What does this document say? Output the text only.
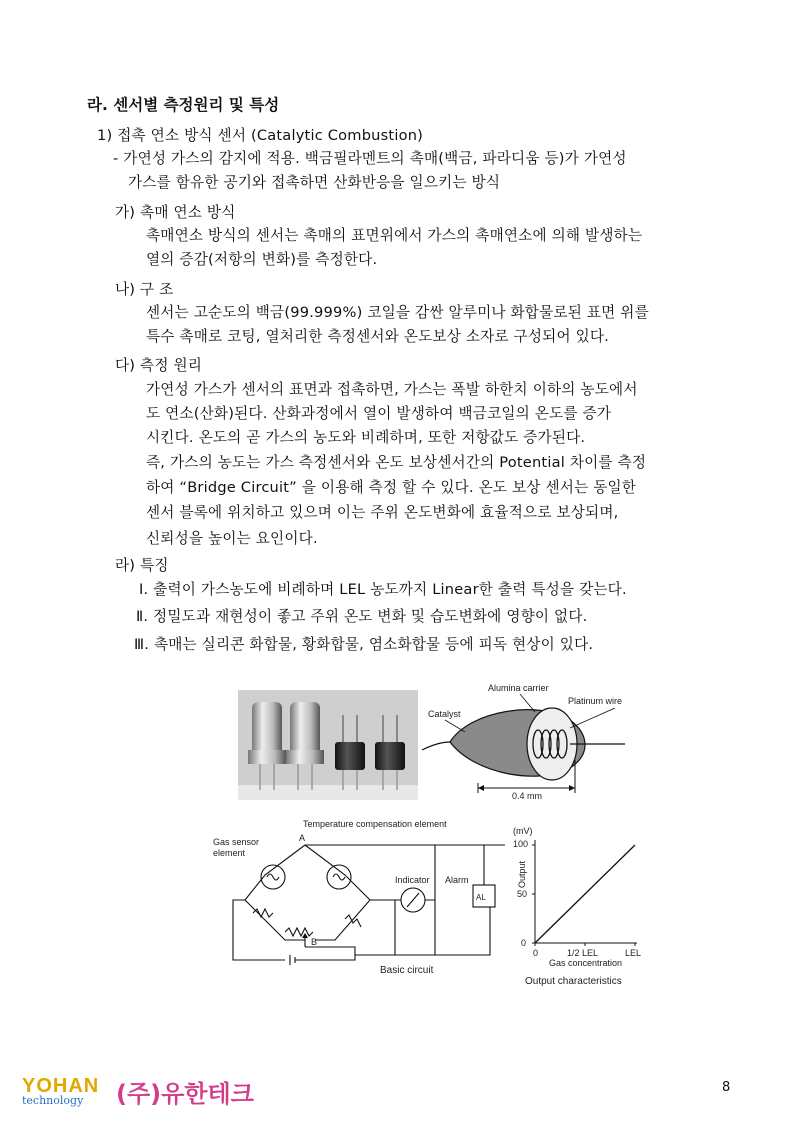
라. 센서별 측정원리 및 특성
1) 접촉 연소 방식 센서 (Catalytic Combustion)
- 가연성 가스의 감지에 적용. 백금필라멘트의 촉매(백금, 파라디움 등)가 가연성
가스를 함유한 공기와 접촉하면 산화반응을 일으키는 방식
가) 촉매 연소 방식
촉매연소 방식의 센서는 촉매의 표면위에서 가스의 촉매연소에 의해 발생하는
열의 증감(저항의 변화)를 측정한다.
나) 구 조
센서는 고순도의 백금(99.999%) 코일을 감싼 알루미나 화합물로된 표면 위를
특수 촉매로 코팅, 열처리한 측정센서와 온도보상 소자로 구성되어 있다.
다) 측정 원리
가연성 가스가 센서의 표면과 접촉하면, 가스는 폭발 하한치 이하의 농도에서
도 연소(산화)된다. 산화과정에서 열이 발생하여 백금코일의 온도를 증가
시킨다. 온도의 곧 가스의 농도와 비례하며, 또한 저항값도 증가된다.
즉, 가스의 농도는 가스 측정센서와 온도 보상센서간의 Potential 차이를 측정
하여 “Bridge Circuit” 을 이용해 측정 할 수 있다. 온도 보상 센서는 동일한
센서 블록에 위치하고 있으며 이는 주위 온도변화에 효율적으로 보상되며,
신뢰성을 높이는 요인이다.
라) 특징
Ⅰ. 출력이 가스농도에 비례하며 LEL 농도까지 Linear한 출력 특성을 갖는다.
Ⅱ. 정밀도과 재현성이 좋고 주위 온도 변화 및 습도변화에 영향이 없다.
Ⅲ. 촉매는 실리콘 화합물, 황화합물, 염소화합물 등에 피독 현상이 있다.
Alumina carrier
Platinum wire
Catalyst
0.4 mm
Temperature compensation element
Gas sensor
element
A
B
Indicator Alarm
AL
Basic circuit
(mV)
Output
100
50
0
0	1/2 LEL	LEL
Gas concentration
Output characteristics
YOHAN
technology (주)유한테크	8
